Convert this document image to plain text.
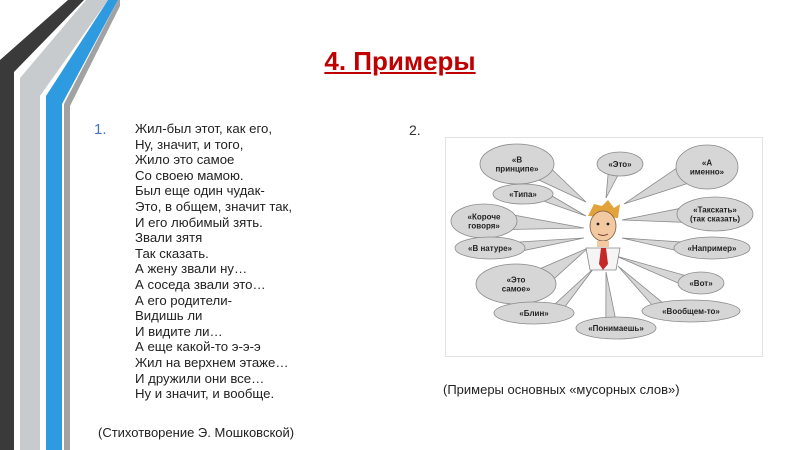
4. Примеры
1. Жил-был этот, как его,
Ну, значит, и того,
Жило это самое
Со своею мамою.
Был еще один чудак-
Это, в общем, значит так,
И его любимый зять.
Звали зятя
Так сказать.
А жену звали ну…
А соседа звали это…
А его родители-
Видишь ли
И видите ли…
А еще какой-то э-э-э
Жил на верхнем этаже…
И дружили они все…
Ну и значит, и вообще.
2.
«В
принципе»	«Это»	«А
именно»
«Типа»
«Такскать»
(так сказать)
«Короче
говоря»
«В натуре»	«Например»
«Это
самое»
«Вот»
«Вообщем-то»
«Блин»
«Понимаешь»
(Примеры основных «мусорных слов»)
(Стихотворение Э. Мошковской)
